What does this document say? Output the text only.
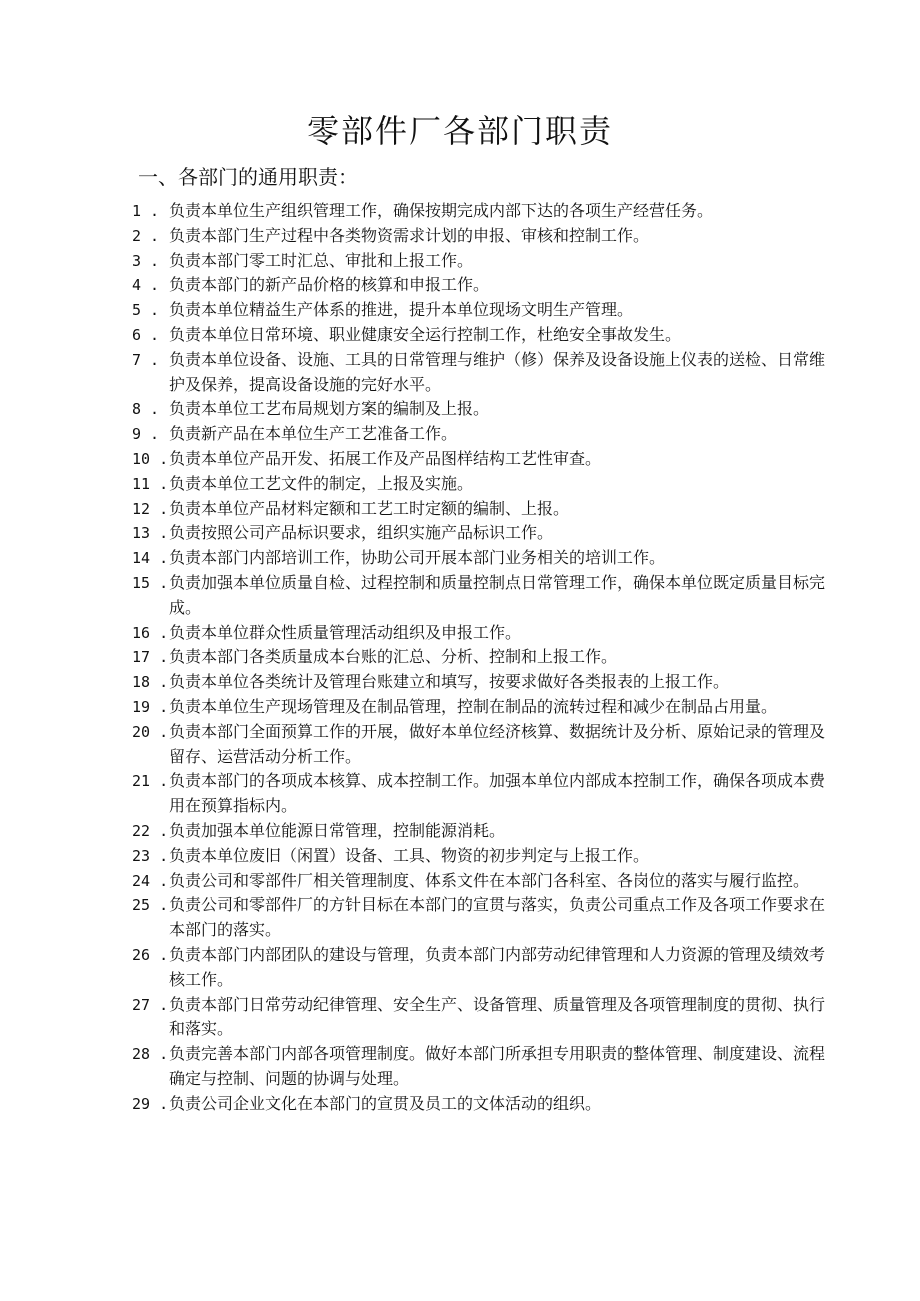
零部件厂各部门职责
一、各部门的通用职责：
1 . 负责本单位生产组织管理工作，确保按期完成内部下达的各项生产经营任务。
2 . 负责本部门生产过程中各类物资需求计划的申报、审核和控制工作。
3 . 负责本部门零工时汇总、审批和上报工作。
4 . 负责本部门的新产品价格的核算和申报工作。
5 . 负责本单位精益生产体系的推进，提升本单位现场文明生产管理。
6 . 负责本单位日常环境、职业健康安全运行控制工作，杜绝安全事故发生。
7 . 负责本单位设备、设施、工具的日常管理与维护（修）保养及设备设施上仪表的送检、日常维护及保养，提高设备设施的完好水平。
8 . 负责本单位工艺布局规划方案的编制及上报。
9 . 负责新产品在本单位生产工艺准备工作。
10 . 负责本单位产品开发、拓展工作及产品图样结构工艺性审查。
11 . 负责本单位工艺文件的制定，上报及实施。
12 . 负责本单位产品材料定额和工艺工时定额的编制、上报。
13 . 负责按照公司产品标识要求，组织实施产品标识工作。
14 . 负责本部门内部培训工作，协助公司开展本部门业务相关的培训工作。
15 . 负责加强本单位质量自检、过程控制和质量控制点日常管理工作，确保本单位既定质量目标完成。
16 . 负责本单位群众性质量管理活动组织及申报工作。
17 . 负责本部门各类质量成本台账的汇总、分析、控制和上报工作。
18 . 负责本单位各类统计及管理台账建立和填写，按要求做好各类报表的上报工作。
19 . 负责本单位生产现场管理及在制品管理，控制在制品的流转过程和减少在制品占用量。
20 . 负责本部门全面预算工作的开展，做好本单位经济核算、数据统计及分析、原始记录的管理及留存、运营活动分析工作。
21 . 负责本部门的各项成本核算、成本控制工作。加强本单位内部成本控制工作，确保各项成本费用在预算指标内。
22 . 负责加强本单位能源日常管理，控制能源消耗。
23 . 负责本单位废旧（闲置）设备、工具、物资的初步判定与上报工作。
24 . 负责公司和零部件厂相关管理制度、体系文件在本部门各科室、各岗位的落实与履行监控。
25 . 负责公司和零部件厂的方针目标在本部门的宣贯与落实，负责公司重点工作及各项工作要求在本部门的落实。
26 . 负责本部门内部团队的建设与管理，负责本部门内部劳动纪律管理和人力资源的管理及绩效考核工作。
27 . 负责本部门日常劳动纪律管理、安全生产、设备管理、质量管理及各项管理制度的贯彻、执行和落实。
28 . 负责完善本部门内部各项管理制度。做好本部门所承担专用职责的整体管理、制度建设、流程确定与控制、问题的协调与处理。
29 . 负责公司企业文化在本部门的宣贯及员工的文体活动的组织。
